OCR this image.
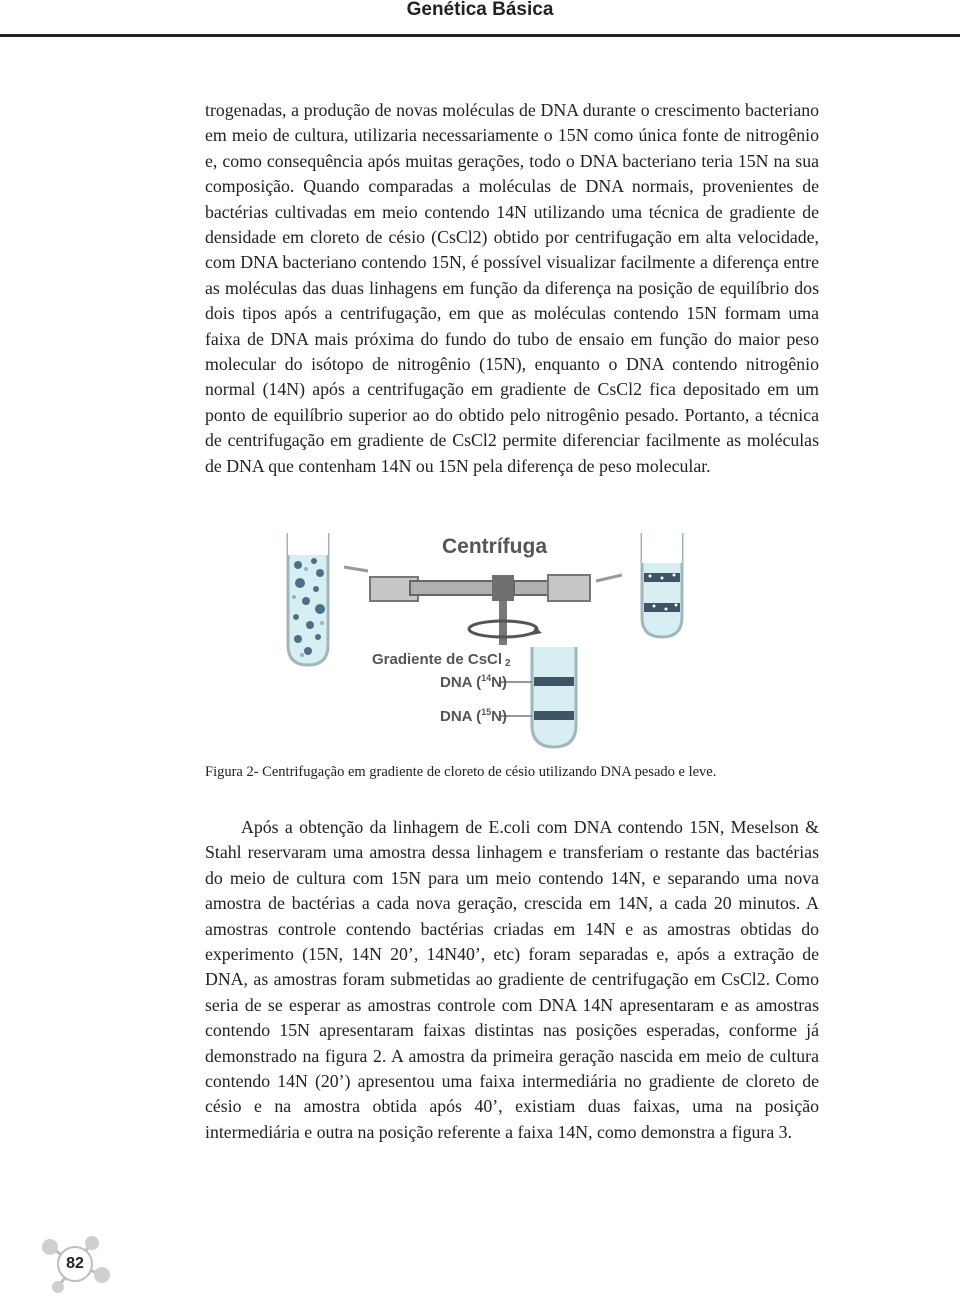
Genética Básica

trogenadas, a produção de novas moléculas de DNA durante o crescimento bacteriano em meio de cultura, utilizaria necessariamente o 15N como única fonte de nitrogênio e, como consequência após muitas gerações, todo o DNA bacteriano teria 15N na sua composição. Quando comparadas a moléculas de DNA normais, provenientes de bactérias cultivadas em meio contendo 14N utilizando uma técnica de gradiente de densidade em cloreto de césio (CsCl2) obtido por centrifugação em alta velocidade, com DNA bacteriano contendo 15N, é possível visualizar facilmente a diferença entre as moléculas das duas linhagens em função da diferença na posição de equilíbrio dos dois tipos após a centrifugação, em que as moléculas contendo 15N formam uma faixa de DNA mais próxima do fundo do tubo de ensaio em função do maior peso molecular do isótopo de nitrogênio (15N), enquanto o DNA contendo nitrogênio normal (14N) após a centrifugação em gradiente de CsCl2 fica depositado em um ponto de equilíbrio superior ao do obtido pelo nitrogênio pesado. Portanto, a técnica de centrifugação em gradiente de CsCl2 permite diferenciar facilmente as moléculas de DNA que contenham 14N ou 15N pela diferença de peso molecular.

Centrífuga
Gradiente de CsCl 2
DNA ($^{14}$N)
DNA ($^{15}$N)
Figura 2- Centrifugação em gradiente de cloreto de césio utilizando DNA pesado e leve.

Após a obtenção da linhagem de E.coli com DNA contendo 15N, Meselson & Stahl reservaram uma amostra dessa linhagem e transferiam o restante das bactérias do meio de cultura com 15N para um meio contendo 14N, e separando uma nova amostra de bactérias a cada nova geração, crescida em 14N, a cada 20 minutos. A amostras controle contendo bactérias criadas em 14N e as amostras obtidas do experimento (15N, 14N 20’, 14N40’, etc) foram separadas e, após a extração de DNA, as amostras foram submetidas ao gradiente de centrifugação em CsCl2. Como seria de se esperar as amostras controle com DNA 14N apresentaram e as amostras contendo 15N apresentaram faixas distintas nas posições esperadas, conforme já demonstrado na figura 2. A amostra da primeira geração nascida em meio de cultura contendo 14N (20’) apresentou uma faixa intermediária no gradiente de cloreto de césio e na amostra obtida após 40’, existiam duas faixas, uma na posição intermediária e outra na posição referente a faixa 14N, como demonstra a figura 3.

82
